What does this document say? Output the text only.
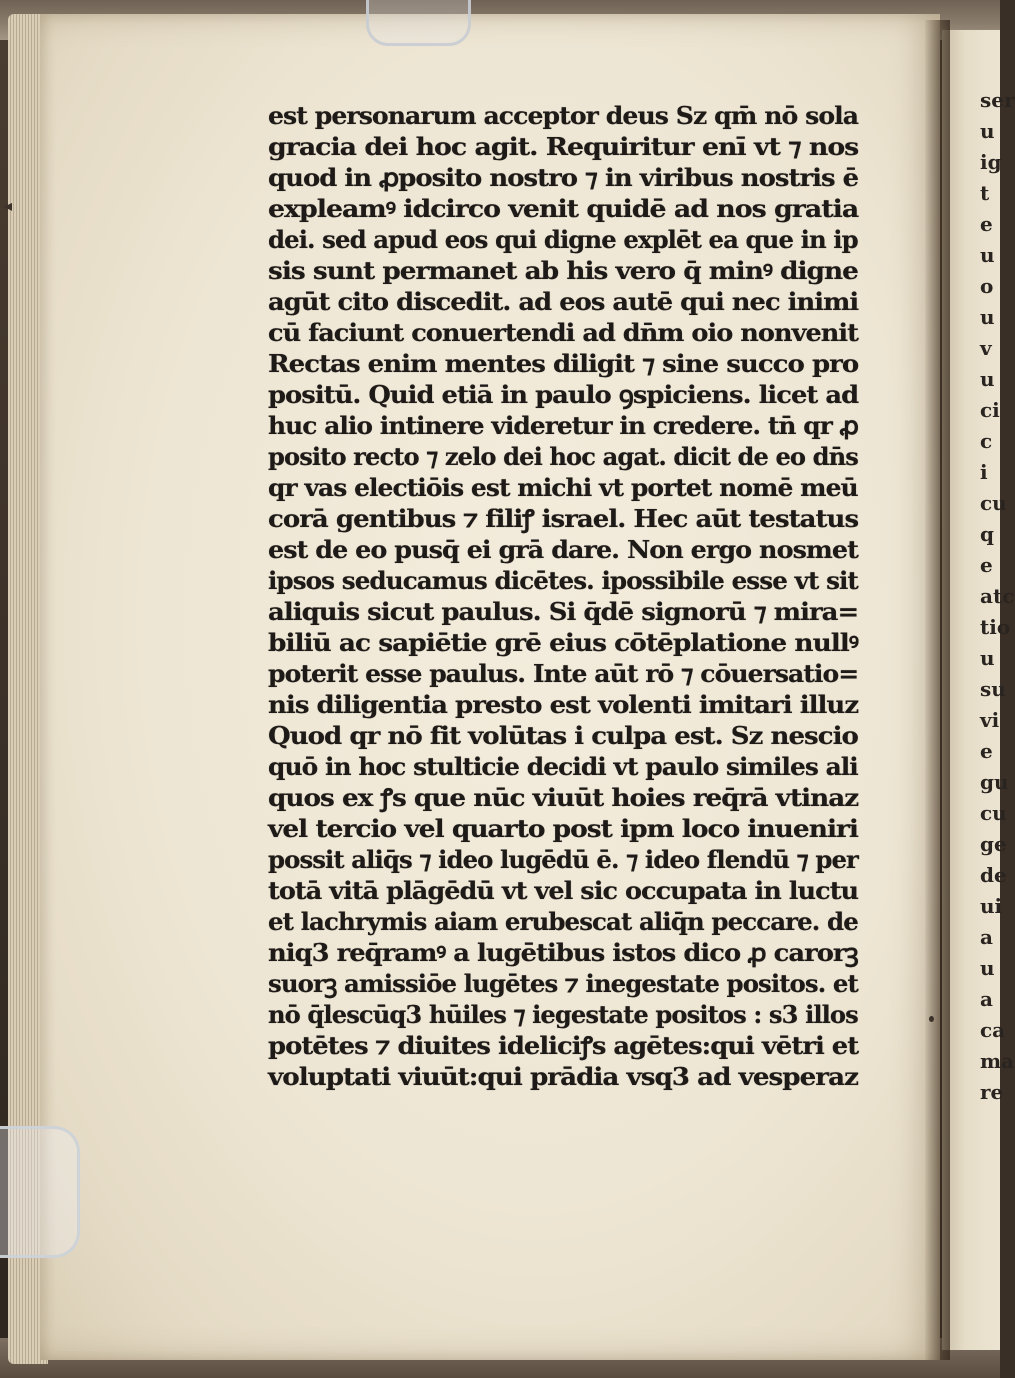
◂
ser
u
ig
t
e
u
o
u
v
u
ci
c
i
cu
q
e
atc
tio
u
su
vi
e
gu
cu
ge
de
ui
a
u
a
ca
ma
re
est personarum acceptor deus Sz qm̄ nō sola
gracia dei hoc agit. Requiritur enī vt ⁊ nos
quod in ꝓposito nostro ⁊ in viribus nostris ē
expleamꝰ idcirco venit quidē ad nos gratia
dei. sed apud eos qui digne explēt ea que in ip
sis sunt permanet ab his vero q̄ minꝰ digne
agūt cito discedit. ad eos autē qui nec inimi
cū faciunt conuertendi ad dn̄m oio nonvenit
Rectas enim mentes diligit ⁊ sine succo pro
positū. Quid etiā in paulo ꝯspiciens. licet ad
huc alio intinere videretur in credere. tn̄ qr ꝓ
posito recto ⁊ zelo dei hoc agat. dicit de eo dn̄s
qr vas electiōis est michi vt portet nomē meū
corā gentibus ⁊ filiꝭ israel. Hec aūt testatus
est de eo pusq̄ ei grā dare. Non ergo nosmet
ipsos seducamus dicētes. ipossibile esse vt sit
aliquis sicut paulus. Si q̄dē signorū ⁊ mira=
biliū ac sapiētie grē eius cōtēplatione nullꝰ
poterit esse paulus. Inte aūt rō ⁊ cōuersatio=
nis diligentia presto est volenti imitari illuz
Quod qr nō fit volūtas i culpa est. Sz nescio
quō in hoc stulticie decidi vt paulo similes ali
quos ex ꝭs que nūc viuūt hoies req̄rā vtinaz
vel tercio vel quarto post ipm loco inueniri
possit aliq̄s ⁊ ideo lugēdū ē. ⁊ ideo flendū ⁊ per
totā vitā plāgēdū vt vel sic occupata in luctu
et lachrymis aiam erubescat aliq̄n peccare. de
niq3 req̄ramꝰ a lugētibus istos dico ꝓ carorꝫ
suorꝫ amissiōe lugētes ⁊ inegestate positos. et
nō q̄lescūq3 hūiles ⁊ iegestate positos : s3 illos
potētes ⁊ diuites ideliciꝭs agētes:qui vētri et
voluptati viuūt:qui prādia vsq3 ad vesperaz
